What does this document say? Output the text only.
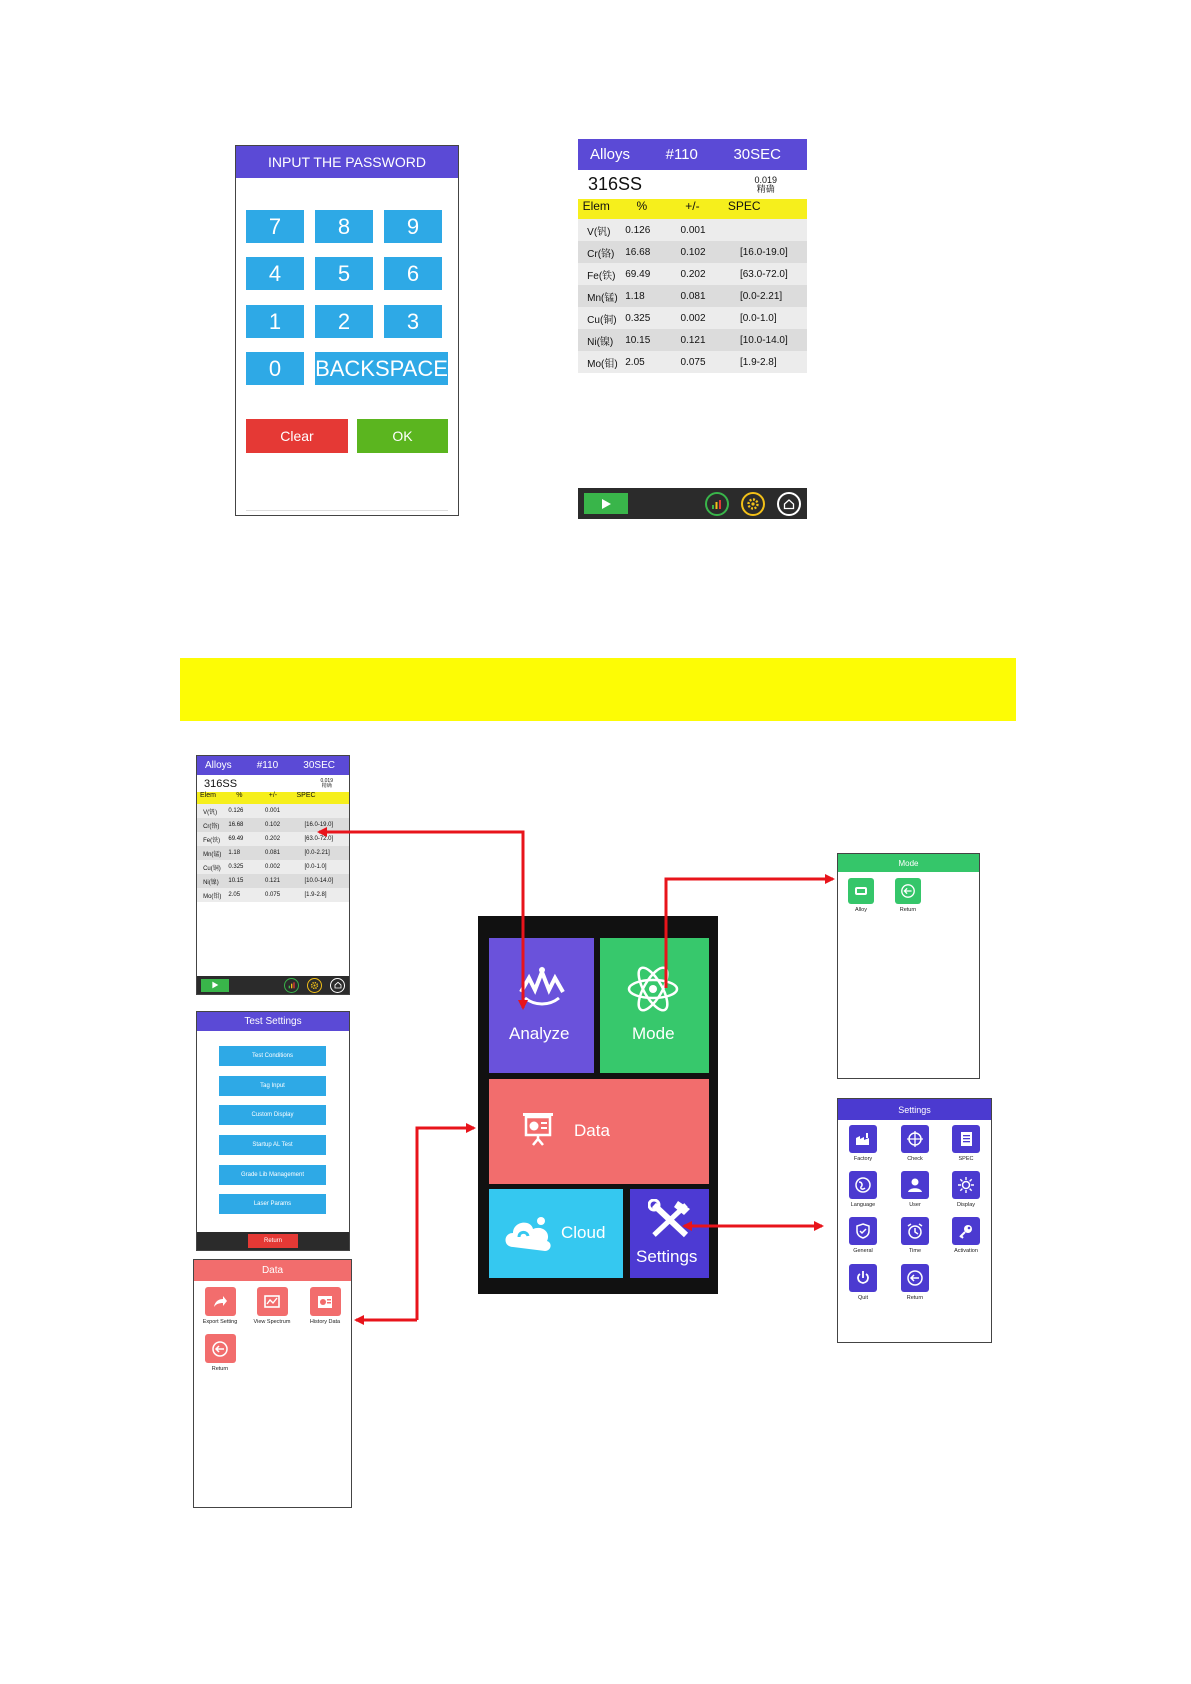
INPUT THE PASSWORD
7	8	9
4	5	6
1	2	3
0	BACKSPACE
Clear	OK
Alloys #110 30SEC
316SS	0.019
精确
Elem	%	+/-	SPEC
V(钒)	0.126	0.001
Cr(铬)	16.68	0.102	[16.0-19.0]
Fe(铁) 69.49	0.202	[63.0-72.0]
Mn(锰) 1.18	0.081	[0.0-2.21]
Cu(铜) 0.325	0.002	[0.0-1.0]
Ni(镍)	10.15	0.121	[10.0-14.0]
Mo(钼) 2.05	0.075	[1.9-2.8]
Alloys	#110	30SEC
316SS	0.019
精确
Elem	%	+/-	SPEC
V(钒)	0.126	0.001
Cr(铬)	16.68	0.102	[16.0-19.0]
Fe(铁)	69.49	0.202	[63.0-72.0]
Mn(锰)	1.18	0.081	[0.0-2.21]
Cu(铜)	0.325	0.002	[0.0-1.0]
Ni(镍)	10.15	0.121	[10.0-14.0]
Mo(钼)	2.05	0.075	[1.9-2.8]
Test Settings
Test Conditions
Tag Input
Custom Display
Startup AL Test
Grade Lib Management
Laser Params
Return
Data
Export Setting	View Spectrum	History Data
Return
Mode
Alloy	Return
Settings
Factory	Check	SPEC
Language	User	Display
General	Time	Activation
Quit	Return
Analyze	Mode
Data
Cloud
Settings
